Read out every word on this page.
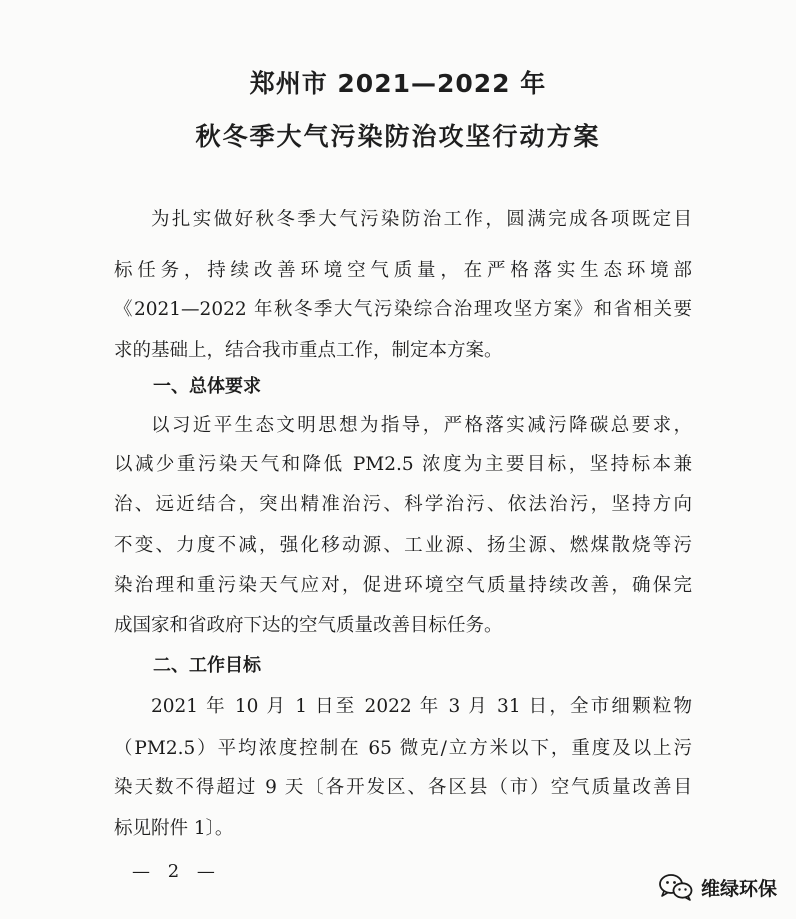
郑州市 2021—2022 年
秋冬季大气污染防治攻坚行动方案
为扎实做好秋冬季大气污染防治工作，圆满完成各项既定目
标任务，持续改善环境空气质量，在严格落实生态环境部
《2021—2022 年秋冬季大气污染综合治理攻坚方案》和省相关要
求的基础上，结合我市重点工作，制定本方案。
一、总体要求
以习近平生态文明思想为指导，严格落实减污降碳总要求，
以减少重污染天气和降低 PM2.5 浓度为主要目标，坚持标本兼
治、远近结合，突出精准治污、科学治污、依法治污，坚持方向
不变、力度不减，强化移动源、工业源、扬尘源、燃煤散烧等污
染治理和重污染天气应对，促进环境空气质量持续改善，确保完
成国家和省政府下达的空气质量改善目标任务。
二、工作目标
2021 年 10 月 1 日至 2022 年 3 月 31 日，全市细颗粒物
（PM2.5）平均浓度控制在 65 微克/立方米以下，重度及以上污
染天数不得超过 9 天〔各开发区、各区县（市）空气质量改善目
标见附件 1〕。
— 2 —
维绿环保
